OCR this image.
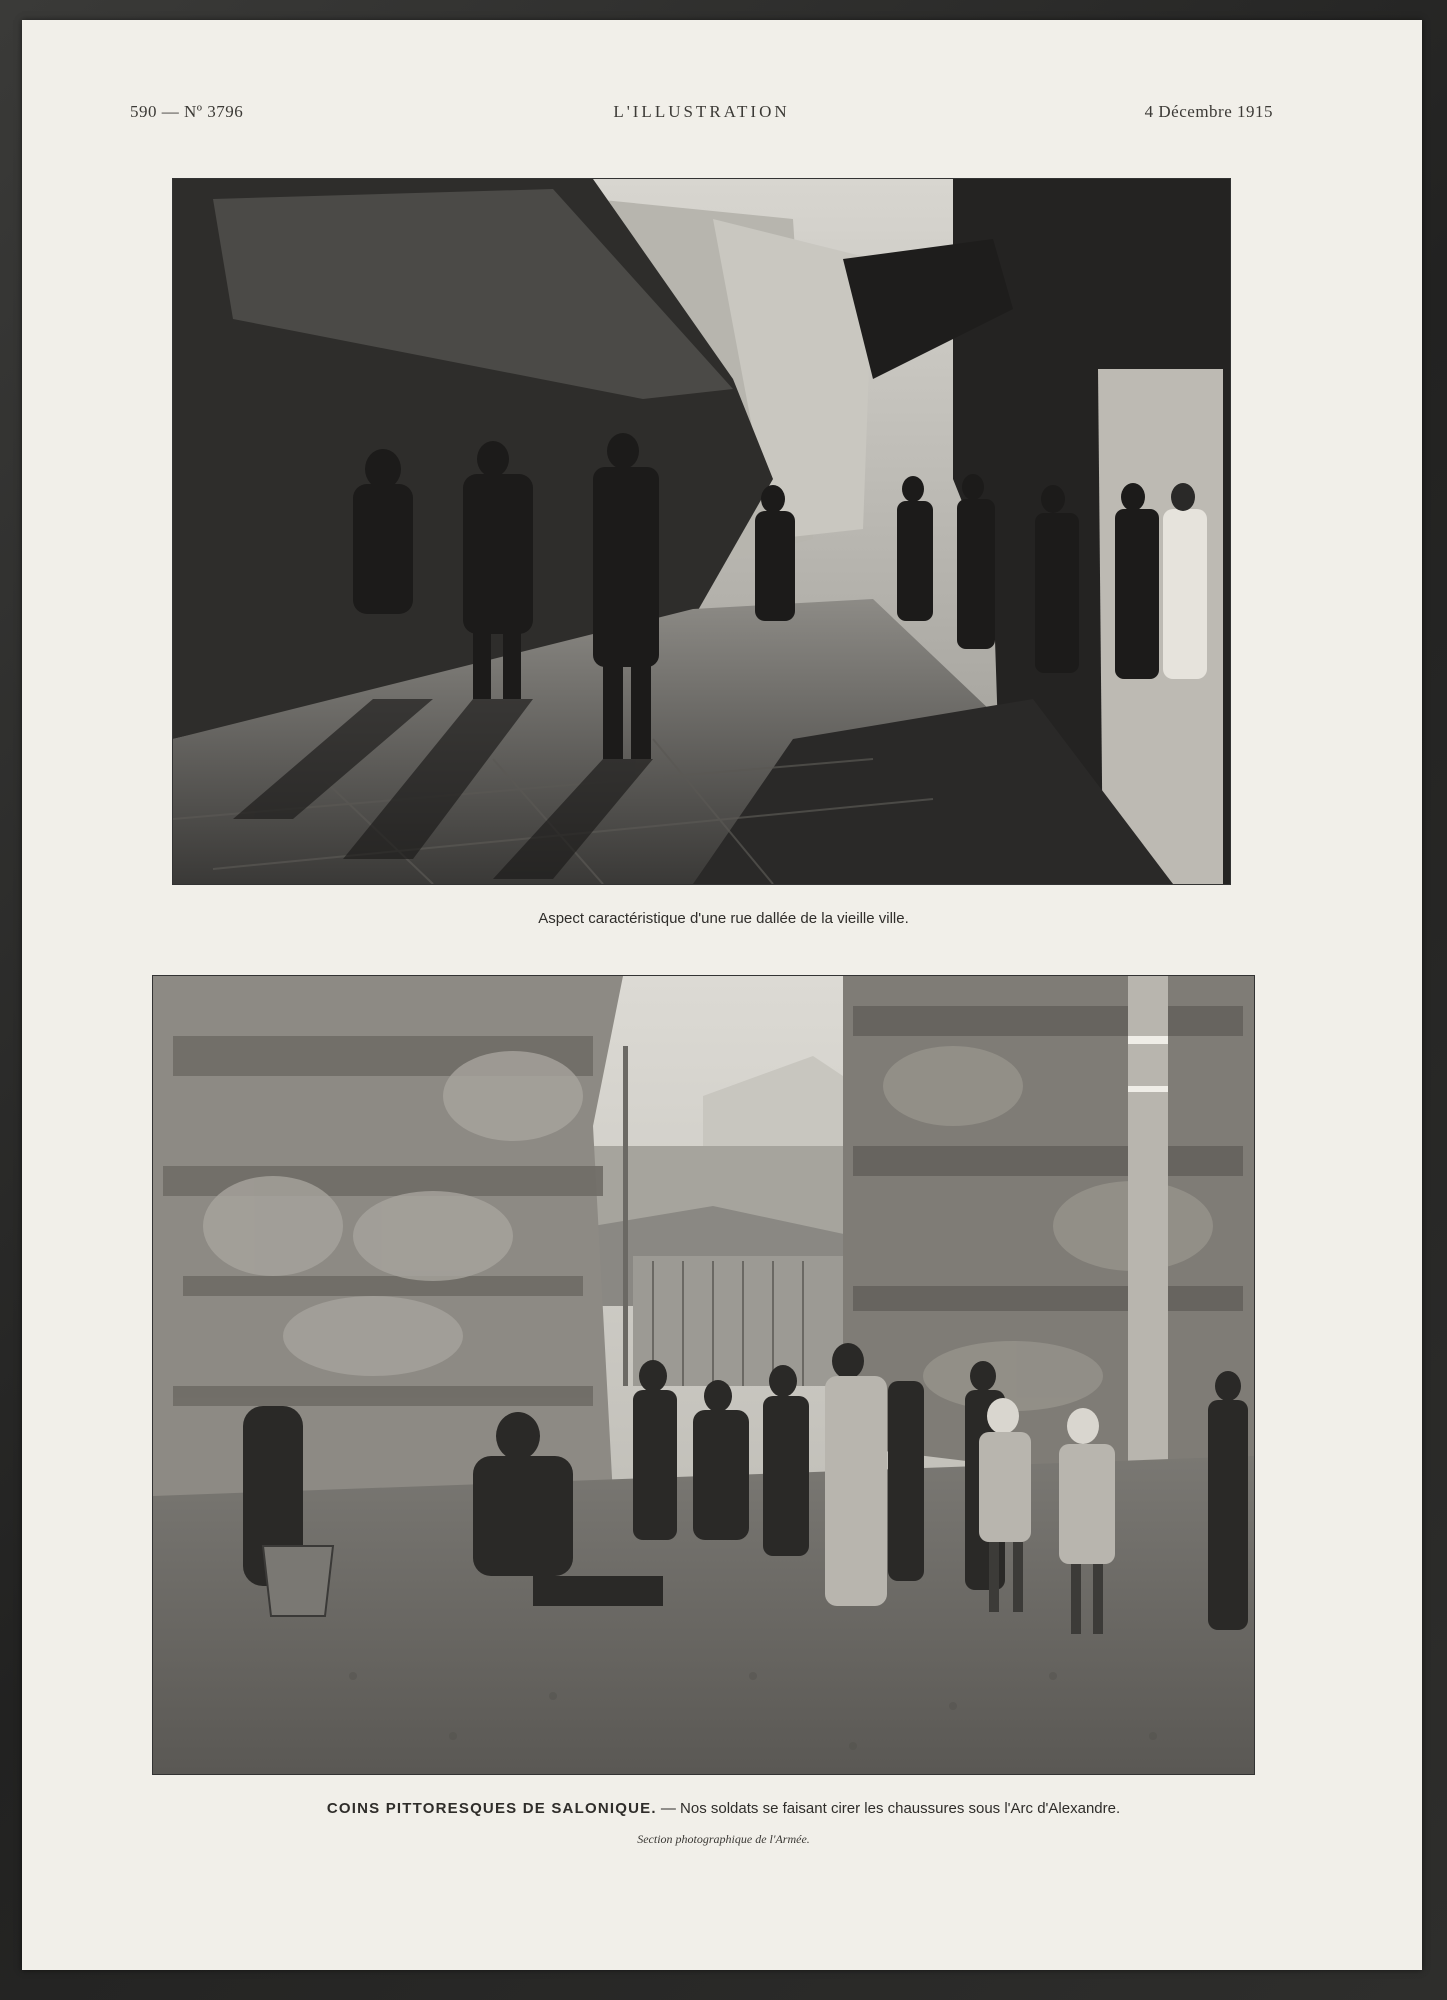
590 — Nº 3796	L'ILLUSTRATION	4 Décembre 1915
Aspect caractéristique d'une rue dallée de la vieille ville.
COINS PITTORESQUES DE SALONIQUE. — Nos soldats se faisant cirer les chaussures sous l'Arc d'Alexandre.
Section photographique de l'Armée.
